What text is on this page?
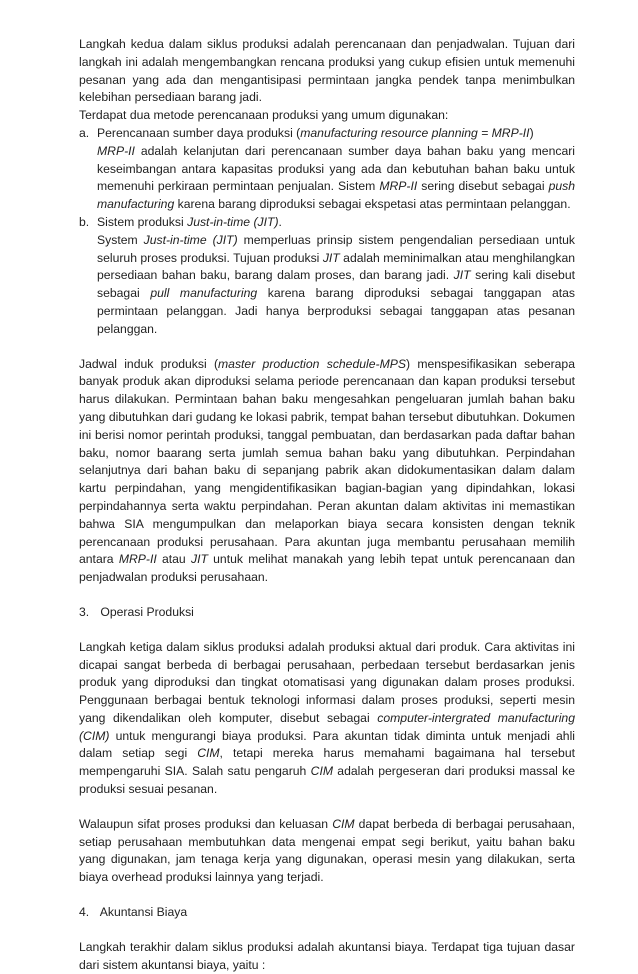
Langkah kedua dalam siklus produksi adalah perencanaan dan penjadwalan. Tujuan dari langkah ini adalah mengembangkan rencana produksi yang cukup efisien untuk memenuhi pesanan yang ada dan mengantisipasi permintaan jangka pendek tanpa menimbulkan kelebihan persediaan barang jadi.

Terdapat dua metode perencanaan produksi yang umum digunakan:

a. Perencanaan sumber daya produksi (manufacturing resource planning = MRP-II)

MRP-II adalah kelanjutan dari perencanaan sumber daya bahan baku yang mencari keseimbangan antara kapasitas produksi yang ada dan kebutuhan bahan baku untuk memenuhi perkiraan permintaan penjualan. Sistem MRP-II sering disebut sebagai push manufacturing karena barang diproduksi sebagai ekspetasi atas permintaan pelanggan.

b. Sistem produksi Just-in-time (JIT).

System Just-in-time (JIT) memperluas prinsip sistem pengendalian persediaan untuk seluruh proses produksi. Tujuan produksi JIT adalah meminimalkan atau menghilangkan persediaan bahan baku, barang dalam proses, dan barang jadi. JIT sering kali disebut sebagai pull manufacturing karena barang diproduksi sebagai tanggapan atas permintaan pelanggan. Jadi hanya berproduksi sebagai tanggapan atas pesanan pelanggan.

Jadwal induk produksi (master production schedule-MPS) menspesifikasikan seberapa banyak produk akan diproduksi selama periode perencanaan dan kapan produksi tersebut harus dilakukan. Permintaan bahan baku mengesahkan pengeluaran jumlah bahan baku yang dibutuhkan dari gudang ke lokasi pabrik, tempat bahan tersebut dibutuhkan. Dokumen ini berisi nomor perintah produksi, tanggal pembuatan, dan berdasarkan pada daftar bahan baku, nomor baarang serta jumlah semua bahan baku yang dibutuhkan. Perpindahan selanjutnya dari bahan baku di sepanjang pabrik akan didokumentasikan dalam dalam kartu perpindahan, yang mengidentifikasikan bagian-bagian yang dipindahkan, lokasi perpindahannya serta waktu perpindahan. Peran akuntan dalam aktivitas ini memastikan bahwa SIA mengumpulkan dan melaporkan biaya secara konsisten dengan teknik perencanaan produksi perusahaan. Para akuntan juga membantu perusahaan memilih antara MRP-II atau JIT untuk melihat manakah yang lebih tepat untuk perencanaan dan penjadwalan produksi perusahaan.

3. Operasi Produksi

Langkah ketiga dalam siklus produksi adalah produksi aktual dari produk. Cara aktivitas ini dicapai sangat berbeda di berbagai perusahaan, perbedaan tersebut berdasarkan jenis produk yang diproduksi dan tingkat otomatisasi yang digunakan dalam proses produksi. Penggunaan berbagai bentuk teknologi informasi dalam proses produksi, seperti mesin yang dikendalikan oleh komputer, disebut sebagai computer-intergrated manufacturing (CIM) untuk mengurangi biaya produksi. Para akuntan tidak diminta untuk menjadi ahli dalam setiap segi CIM, tetapi mereka harus memahami bagaimana hal tersebut mempengaruhi SIA. Salah satu pengaruh CIM adalah pergeseran dari produksi massal ke produksi sesuai pesanan.

Walaupun sifat proses produksi dan keluasan CIM dapat berbeda di berbagai perusahaan, setiap perusahaan membutuhkan data mengenai empat segi berikut, yaitu bahan baku yang digunakan, jam tenaga kerja yang digunakan, operasi mesin yang dilakukan, serta biaya overhead produksi lainnya yang terjadi.

4. Akuntansi Biaya

Langkah terakhir dalam siklus produksi adalah akuntansi biaya. Terdapat tiga tujuan dasar dari sistem akuntansi biaya, yaitu :
